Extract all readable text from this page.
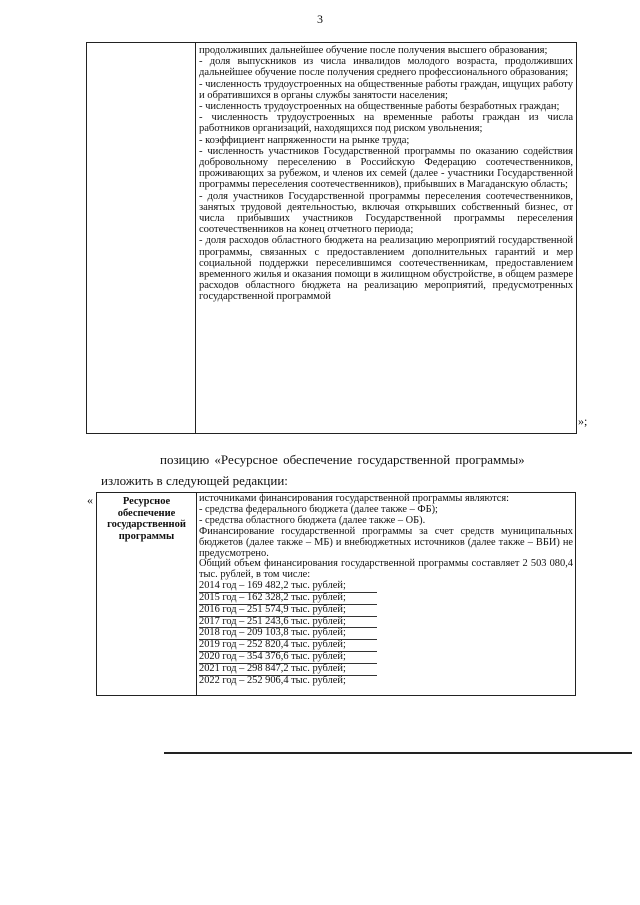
3
продолживших дальнейшее обучение после получения высшего образования;
- доля выпускников из числа инвалидов молодого возраста, продолживших дальнейшее обучение после получения среднего профессионального образования;
- численность трудоустроенных на общественные работы граждан, ищущих работу и обратившихся в органы службы занятости населения;
- численность трудоустроенных на общественные работы безработных граждан;
- численность трудоустроенных на временные работы граждан из числа работников организаций, находящихся под риском увольнения;
- коэффициент напряженности на рынке труда;
- численность участников Государственной программы по оказанию содействия добровольному переселению в Российскую Федерацию соотечественников, проживающих за рубежом, и членов их семей (далее - участники Государственной программы переселения соотечественников), прибывших в Магаданскую область;
- доля участников Государственной программы переселения соотечественников, занятых трудовой деятельностью, включая открывших собственный бизнес, от числа прибывших участников Государственной программы переселения соотечественников на конец отчетного периода;
- доля расходов областного бюджета на реализацию мероприятий государственной программы, связанных с предоставлением дополнительных гарантий и мер социальной поддержки переселившимся соотечественникам, предоставлением временного жилья и оказания помощи в жилищном обустройстве, в общем размере расходов областного бюджета на реализацию мероприятий, предусмотренных государственной программой
»;
позицию «Ресурсное обеспечение государственной программы»
изложить в следующей редакции:
«	Ресурсное обеспечение государственной программы
источниками финансирования государственной программы являются:
- средства федерального бюджета (далее также – ФБ);
- средства областного бюджета (далее также – ОБ).
Финансирование государственной программы за счет средств муниципальных бюджетов (далее также – МБ) и внебюджетных источников (далее также – ВБИ) не предусмотрено.
Общий объем финансирования государственной программы составляет 2 503 080,4 тыс. рублей, в том числе:
2014 год – 169 482,2 тыс. рублей;
2015 год – 162 328,2 тыс. рублей;
2016 год – 251 574,9 тыс. рублей;
2017 год – 251 243,6 тыс. рублей;
2018 год – 209 103,8 тыс. рублей;
2019 год – 252 820,4 тыс. рублей;
2020 год – 354 376,6 тыс. рублей;
2021 год – 298 847,2 тыс. рублей;
2022 год – 252 906,4 тыс. рублей;
